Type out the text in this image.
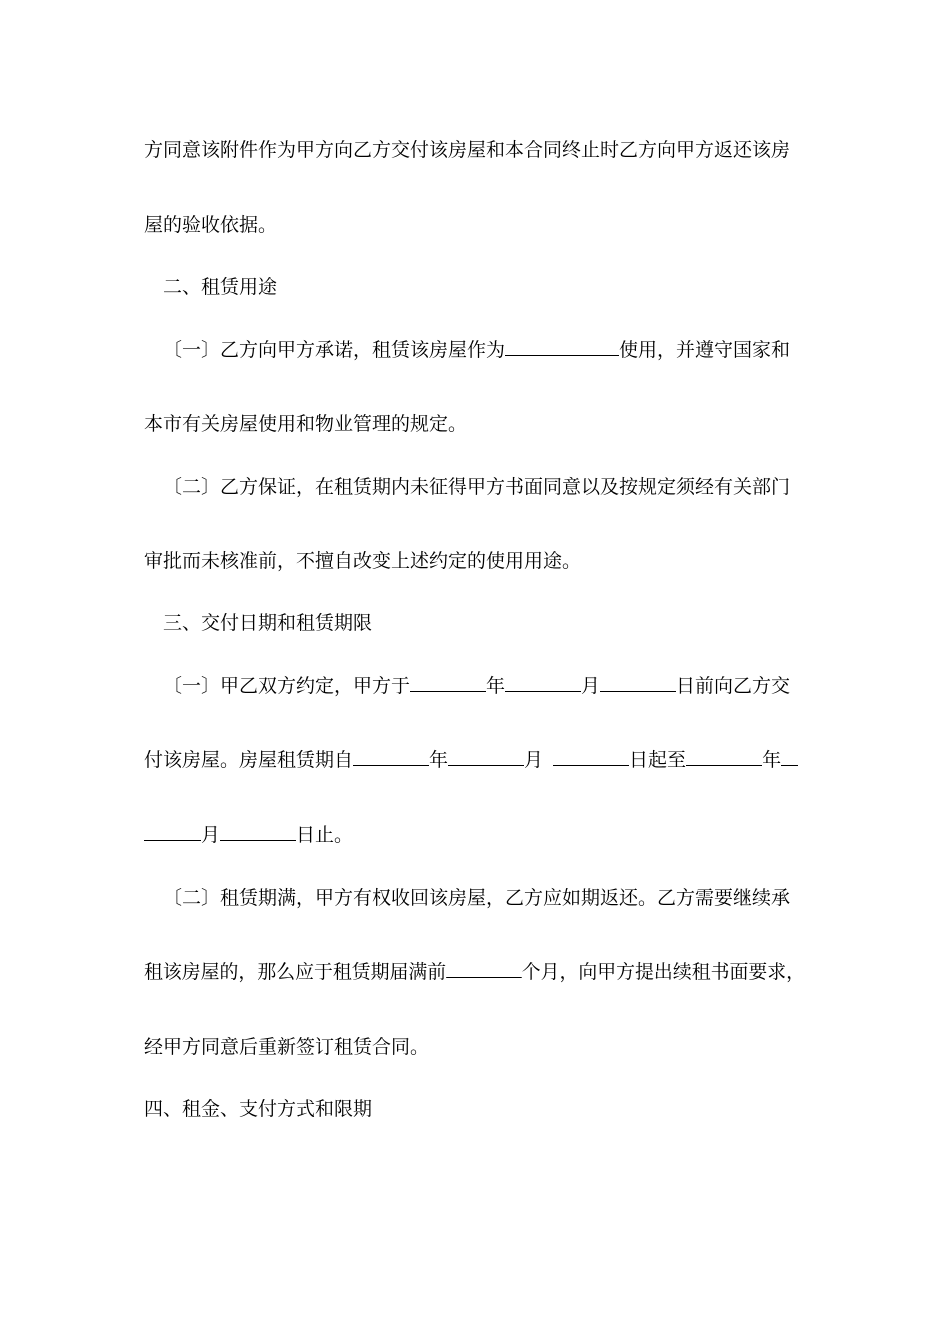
方同意该附件作为甲方向乙方交付该房屋和本合同终止时乙方向甲方返还该房

屋的验收依据。

二、租赁用途

〔一〕乙方向甲方承诺，租赁该房屋作为	使用，并遵守国家和

本市有关房屋使用和物业管理的规定。

〔二〕乙方保证，在租赁期内未征得甲方书面同意以及按规定须经有关部门

审批而未核准前，不擅自改变上述约定的使用用途。

三、交付日期和租赁期限

〔一〕甲乙双方约定，甲方于	年	月	日前向乙方交

付该房屋。房屋租赁期自	年	月	日起至	年

月	日止。

〔二〕租赁期满，甲方有权收回该房屋，乙方应如期返还。乙方需要继续承

租该房屋的，那么应于租赁期届满前	个月，向甲方提出续租书面要求，

经甲方同意后重新签订租赁合同。

四、租金、支付方式和限期
